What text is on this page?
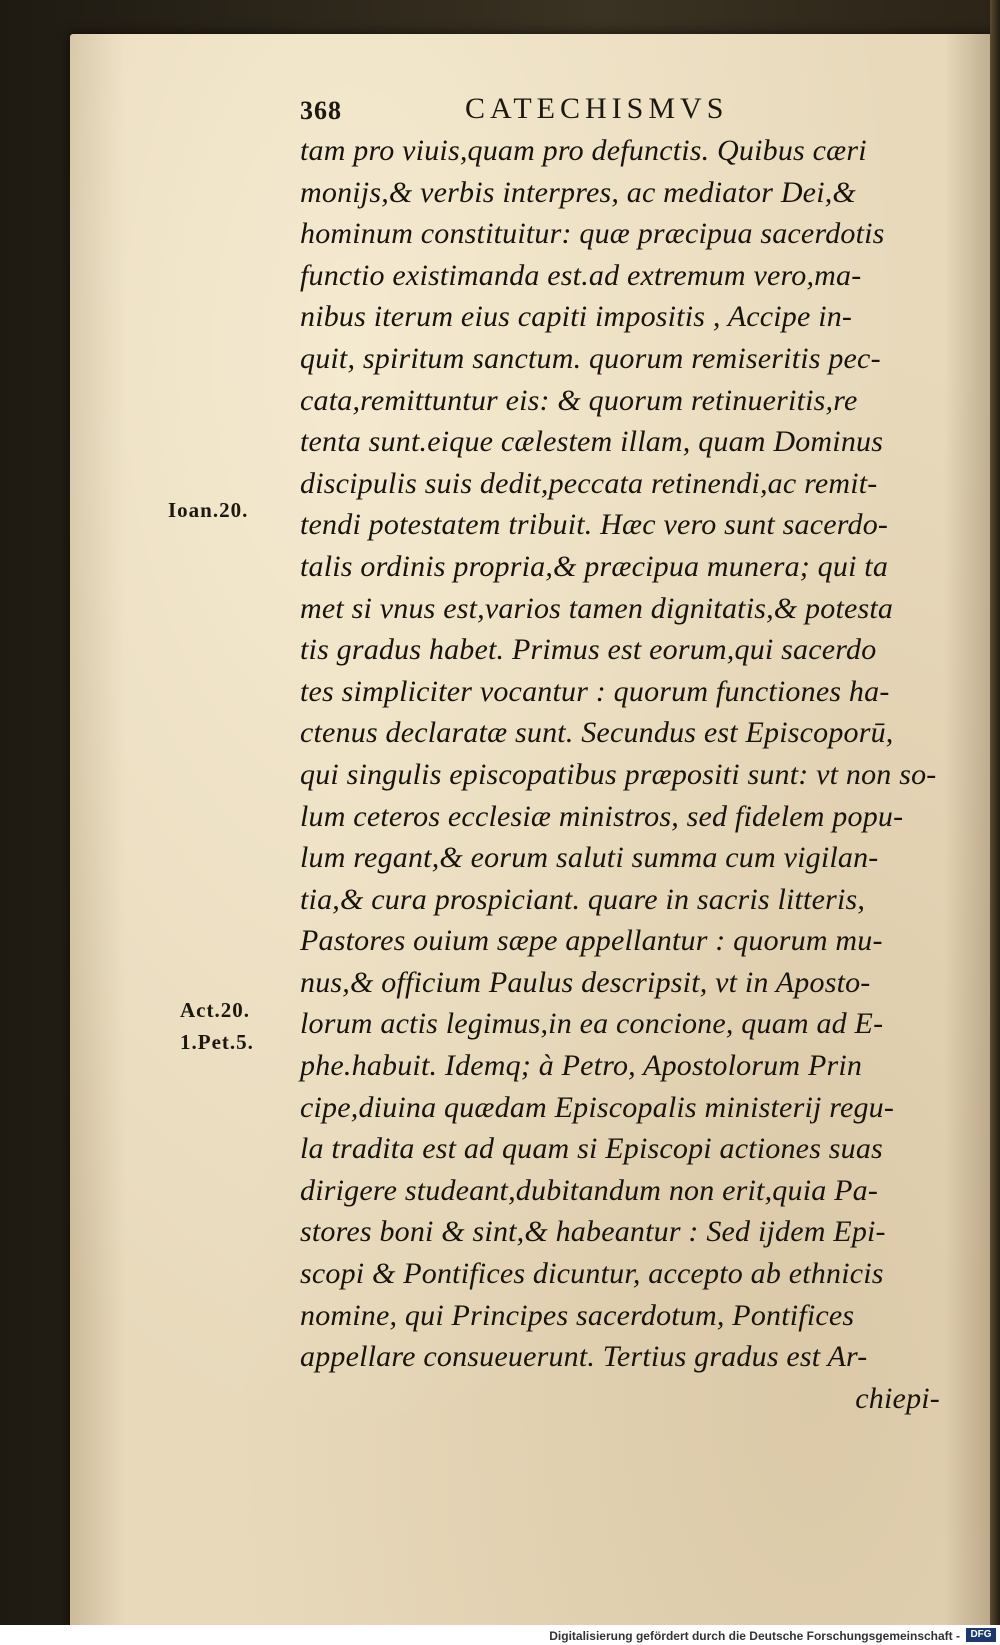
368	CATECHISMVS
Ioan.20.
Act.20.
1.Pet.5.
tam pro viuis,quam pro defunctis. Quibus cæri
monijs,& verbis interpres, ac mediator Dei,&
hominum constituitur: quæ præcipua sacerdotis
functio existimanda est.ad extremum vero,ma-
nibus iterum eius capiti impositis , Accipe in-
quit, spiritum sanctum. quorum remiseritis pec-
cata,remittuntur eis: & quorum retinueritis,re
tenta sunt.eique cælestem illam, quam Dominus
discipulis suis dedit,peccata retinendi,ac remit-
tendi potestatem tribuit. Hæc vero sunt sacerdo-
talis ordinis propria,& præcipua munera; qui ta
met si vnus est,varios tamen dignitatis,& potesta
tis gradus habet. Primus est eorum,qui sacerdo
tes simpliciter vocantur : quorum functiones ha-
ctenus declaratæ sunt. Secundus est Episcoporū,
qui singulis episcopatibus præpositi sunt: vt non so-
lum ceteros ecclesiæ ministros, sed fidelem popu-
lum regant,& eorum saluti summa cum vigilan-
tia,& cura prospiciant. quare in sacris litteris,
Pastores ouium sæpe appellantur : quorum mu-
nus,& officium Paulus descripsit, vt in Aposto-
lorum actis legimus,in ea concione, quam ad E-
phe.habuit. Idemq; à Petro, Apostolorum Prin
cipe,diuina quædam Episcopalis ministerij regu-
la tradita est ad quam si Episcopi actiones suas
dirigere studeant,dubitandum non erit,quia Pa-
stores boni & sint,& habeantur : Sed ijdem Epi-
scopi & Pontifices dicuntur, accepto ab ethnicis
nomine, qui Principes sacerdotum, Pontifices
appellare consueuerunt. Tertius gradus est Ar-
chiepi-
Digitalisierung gefördert durch die Deutsche Forschungsgemeinschaft -	DFG
